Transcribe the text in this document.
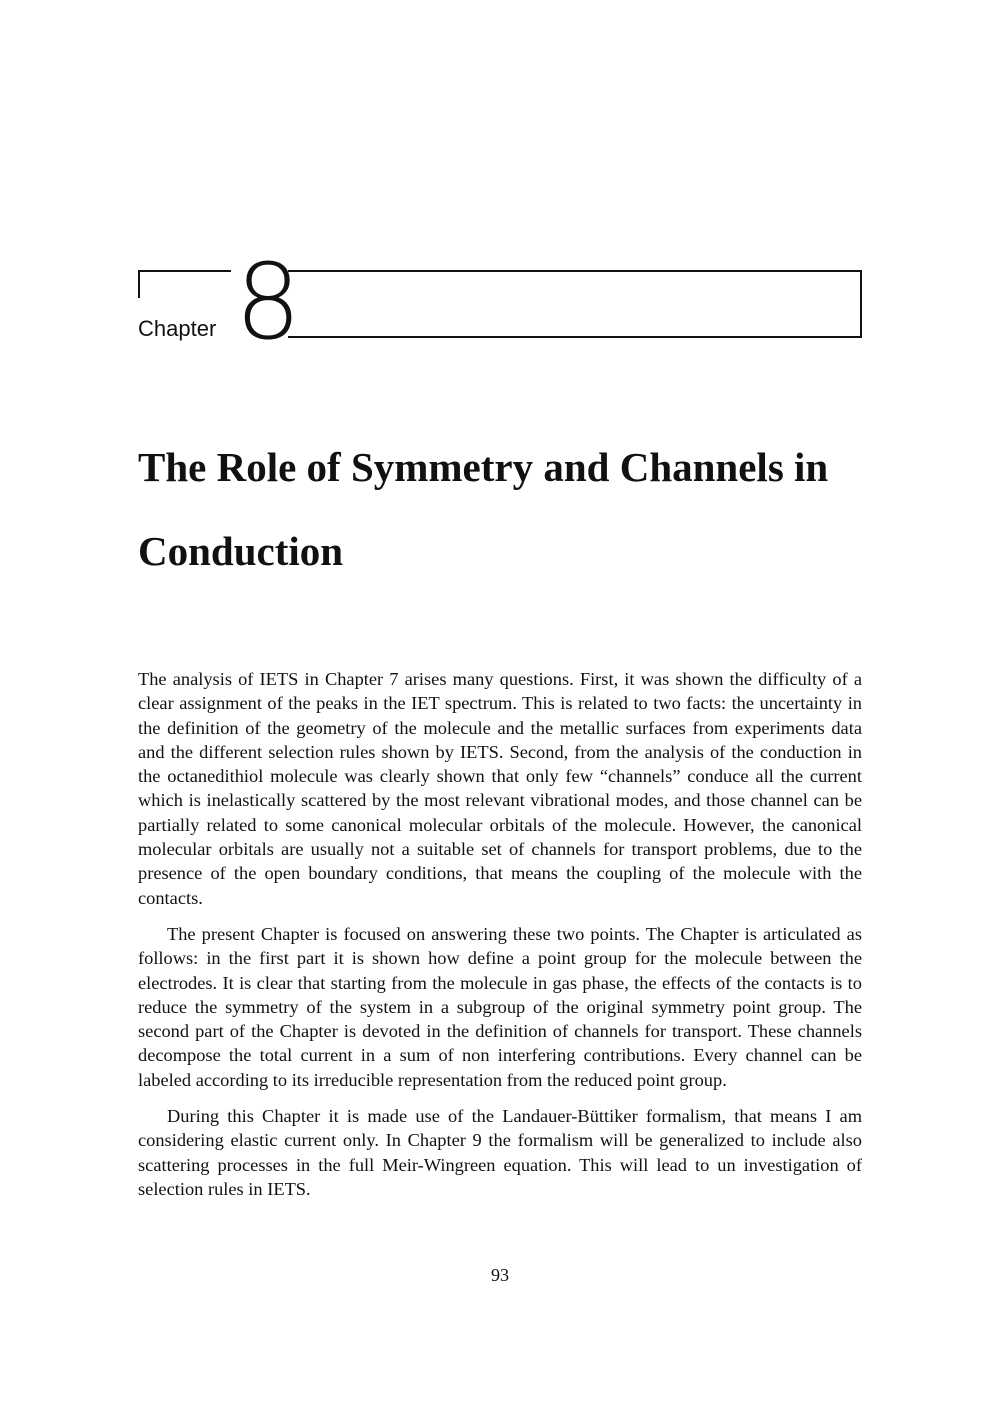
Chapter 8
The Role of Symmetry and Channels in Conduction

The analysis of IETS in Chapter 7 arises many questions. First, it was shown the difficulty of a clear assignment of the peaks in the IET spectrum. This is related to two facts: the uncertainty in the definition of the geometry of the molecule and the metallic surfaces from experiments data and the different selection rules shown by IETS. Second, from the analysis of the conduction in the octanedithiol molecule was clearly shown that only few “channels” conduce all the current which is inelastically scattered by the most relevant vibrational modes, and those channel can be partially related to some canonical molecular orbitals of the molecule. However, the canonical molecular orbitals are usually not a suitable set of channels for transport problems, due to the presence of the open boundary conditions, that means the coupling of the molecule with the contacts.

The present Chapter is focused on answering these two points. The Chapter is articulated as follows: in the first part it is shown how define a point group for the molecule between the electrodes. It is clear that starting from the molecule in gas phase, the effects of the contacts is to reduce the symmetry of the system in a subgroup of the original symmetry point group. The second part of the Chapter is devoted in the definition of channels for transport. These channels decompose the total current in a sum of non interfering contributions. Every channel can be labeled according to its irreducible representation from the reduced point group.

During this Chapter it is made use of the Landauer-Büttiker formalism, that means I am considering elastic current only. In Chapter 9 the formalism will be generalized to include also scattering processes in the full Meir-Wingreen equation. This will lead to un investigation of selection rules in IETS.

93
